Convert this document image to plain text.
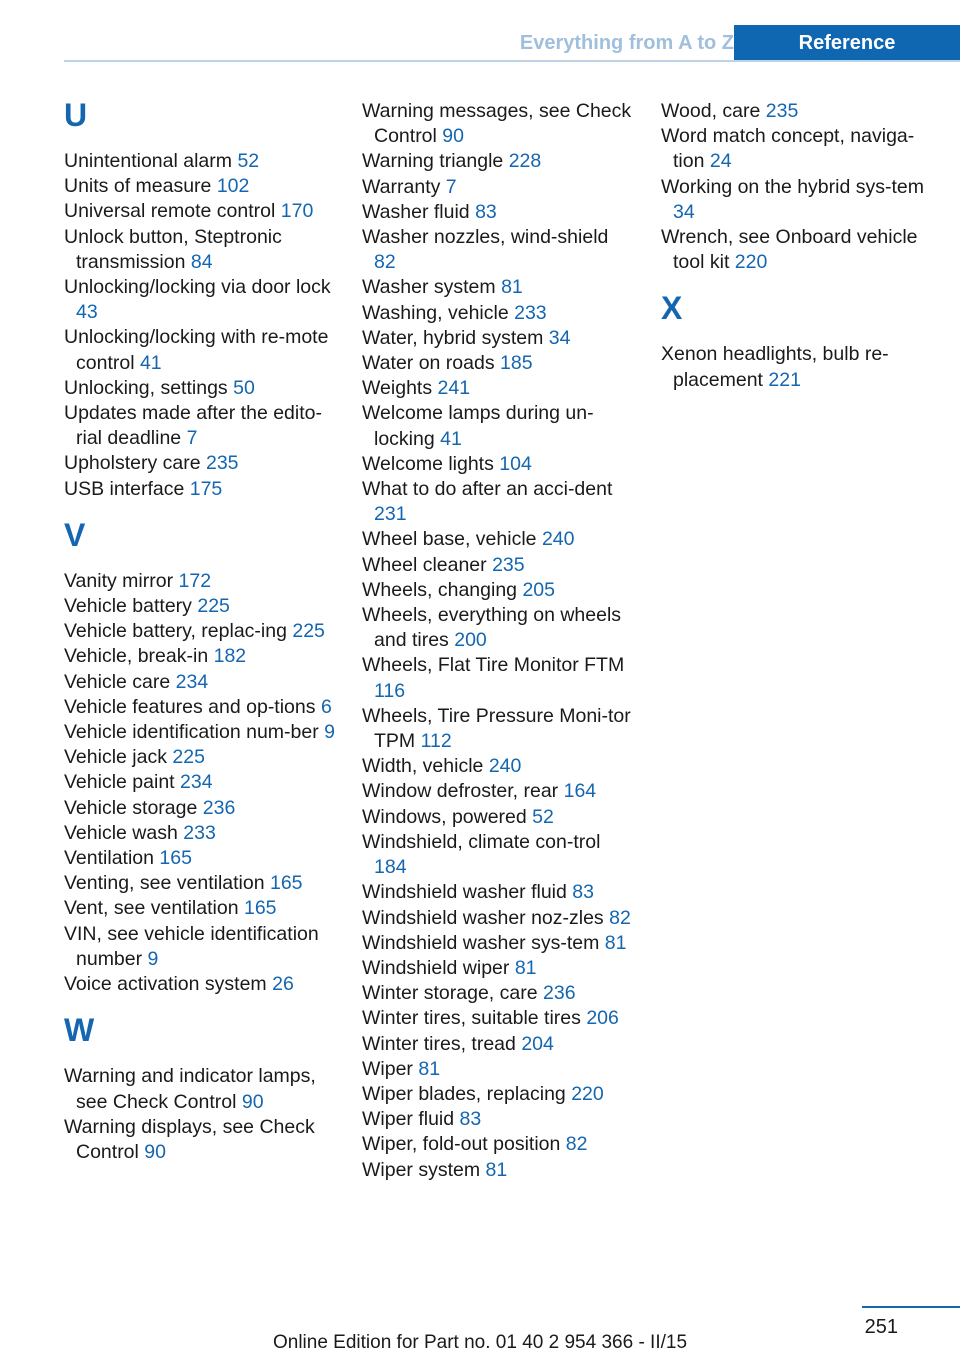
Everything from A to Z	Reference
U
Unintentional alarm 52
Units of measure 102
Universal remote control 170
Unlock button, Steptronic transmission 84
Unlocking/locking via door lock 43
Unlocking/locking with re-mote control 41
Unlocking, settings 50
Updates made after the edito-rial deadline 7
Upholstery care 235
USB interface 175
V
Vanity mirror 172
Vehicle battery 225
Vehicle battery, replac-ing 225
Vehicle, break-in 182
Vehicle care 234
Vehicle features and op-tions 6
Vehicle identification num-ber 9
Vehicle jack 225
Vehicle paint 234
Vehicle storage 236
Vehicle wash 233
Ventilation 165
Venting, see ventilation 165
Vent, see ventilation 165
VIN, see vehicle identification number 9
Voice activation system 26
W
Warning and indicator lamps, see Check Control 90
Warning displays, see Check Control 90
Warning messages, see Check Control 90
Warning triangle 228
Warranty 7
Washer fluid 83
Washer nozzles, wind-shield 82
Washer system 81
Washing, vehicle 233
Water, hybrid system 34
Water on roads 185
Weights 241
Welcome lamps during un-locking 41
Welcome lights 104
What to do after an acci-dent 231
Wheel base, vehicle 240
Wheel cleaner 235
Wheels, changing 205
Wheels, everything on wheels and tires 200
Wheels, Flat Tire Monitor FTM 116
Wheels, Tire Pressure Moni-tor TPM 112
Width, vehicle 240
Window defroster, rear 164
Windows, powered 52
Windshield, climate con-trol 184
Windshield washer fluid 83
Windshield washer noz-zles 82
Windshield washer sys-tem 81
Windshield wiper 81
Winter storage, care 236
Winter tires, suitable tires 206
Winter tires, tread 204
Wiper 81
Wiper blades, replacing 220
Wiper fluid 83
Wiper, fold-out position 82
Wiper system 81
Wood, care 235
Word match concept, naviga-tion 24
Working on the hybrid sys-tem 34
Wrench, see Onboard vehicle tool kit 220
X
Xenon headlights, bulb re-placement 221
251
Online Edition for Part no. 01 40 2 954 366 - II/15
